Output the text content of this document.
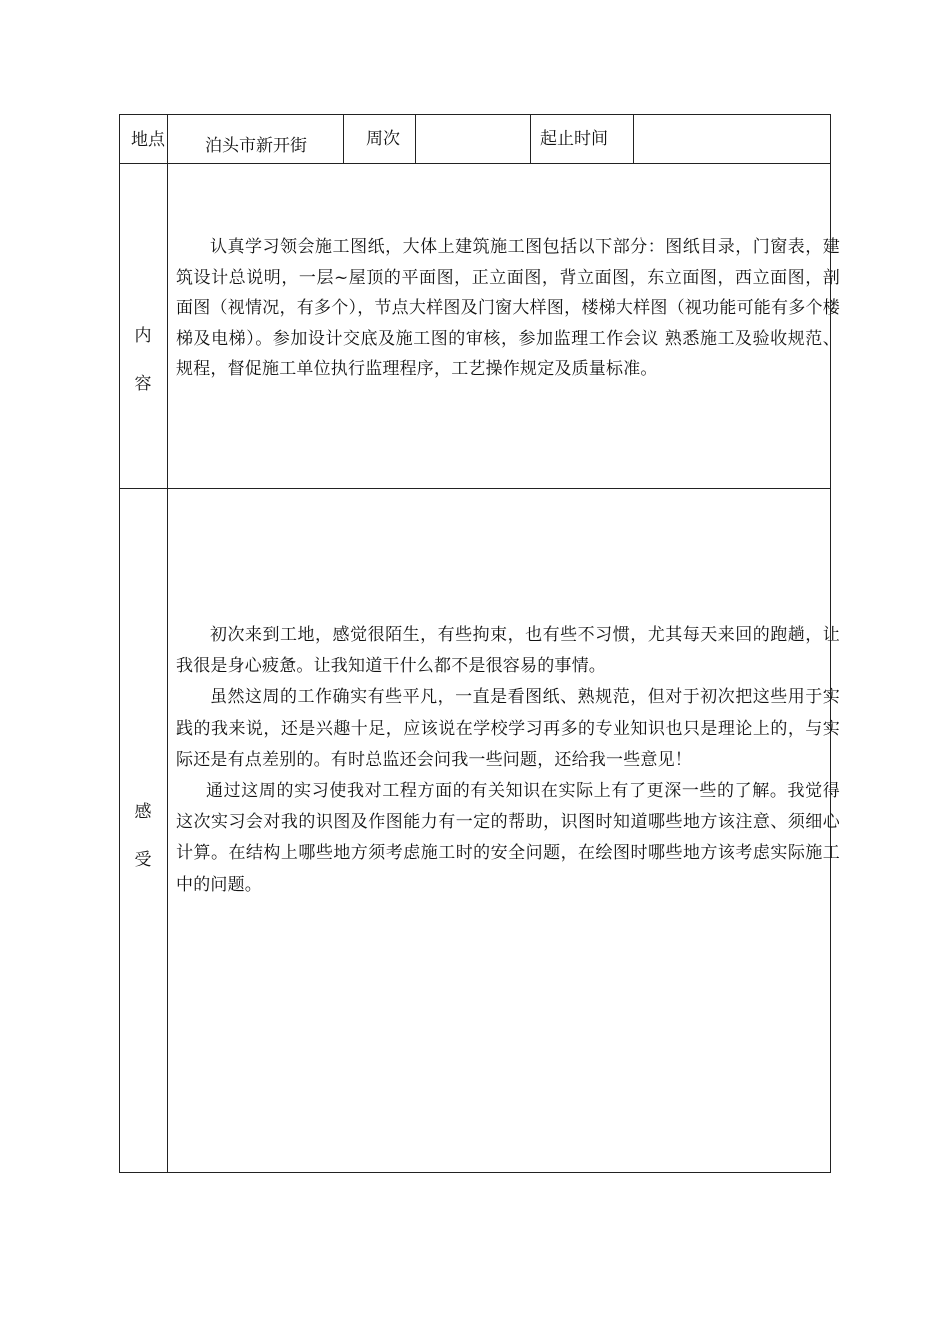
地点 泊头市新开街	周次	起止时间
内
容

认真学习领会施工图纸，大体上建筑施工图包括以下部分：图纸目录，门窗表，建筑设计总说明，一层~屋顶的平面图，正立面图，背立面图，东立面图，西立面图，剖面图（视情况，有多个），节点大样图及门窗大样图，楼梯大样图（视功能可能有多个楼梯及电梯）。参加设计交底及施工图的审核，参加监理工作会议 熟悉施工及验收规范、规程，督促施工单位执行监理程序，工艺操作规定及质量标准。

感
受

初次来到工地，感觉很陌生，有些拘束，也有些不习惯，尤其每天来回的跑趟，让我很是身心疲惫。让我知道干什么都不是很容易的事情。

虽然这周的工作确实有些平凡，一直是看图纸、熟规范，但对于初次把这些用于实践的我来说，还是兴趣十足，应该说在学校学习再多的专业知识也只是理论上的，与实际还是有点差别的。有时总监还会问我一些问题，还给我一些意见！

通过这周的实习使我对工程方面的有关知识在实际上有了更深一些的了解。我觉得这次实习会对我的识图及作图能力有一定的帮助，识图时知道哪些地方该注意、须细心计算。在结构上哪些地方须考虑施工时的安全问题，在绘图时哪些地方该考虑实际施工中的问题。
